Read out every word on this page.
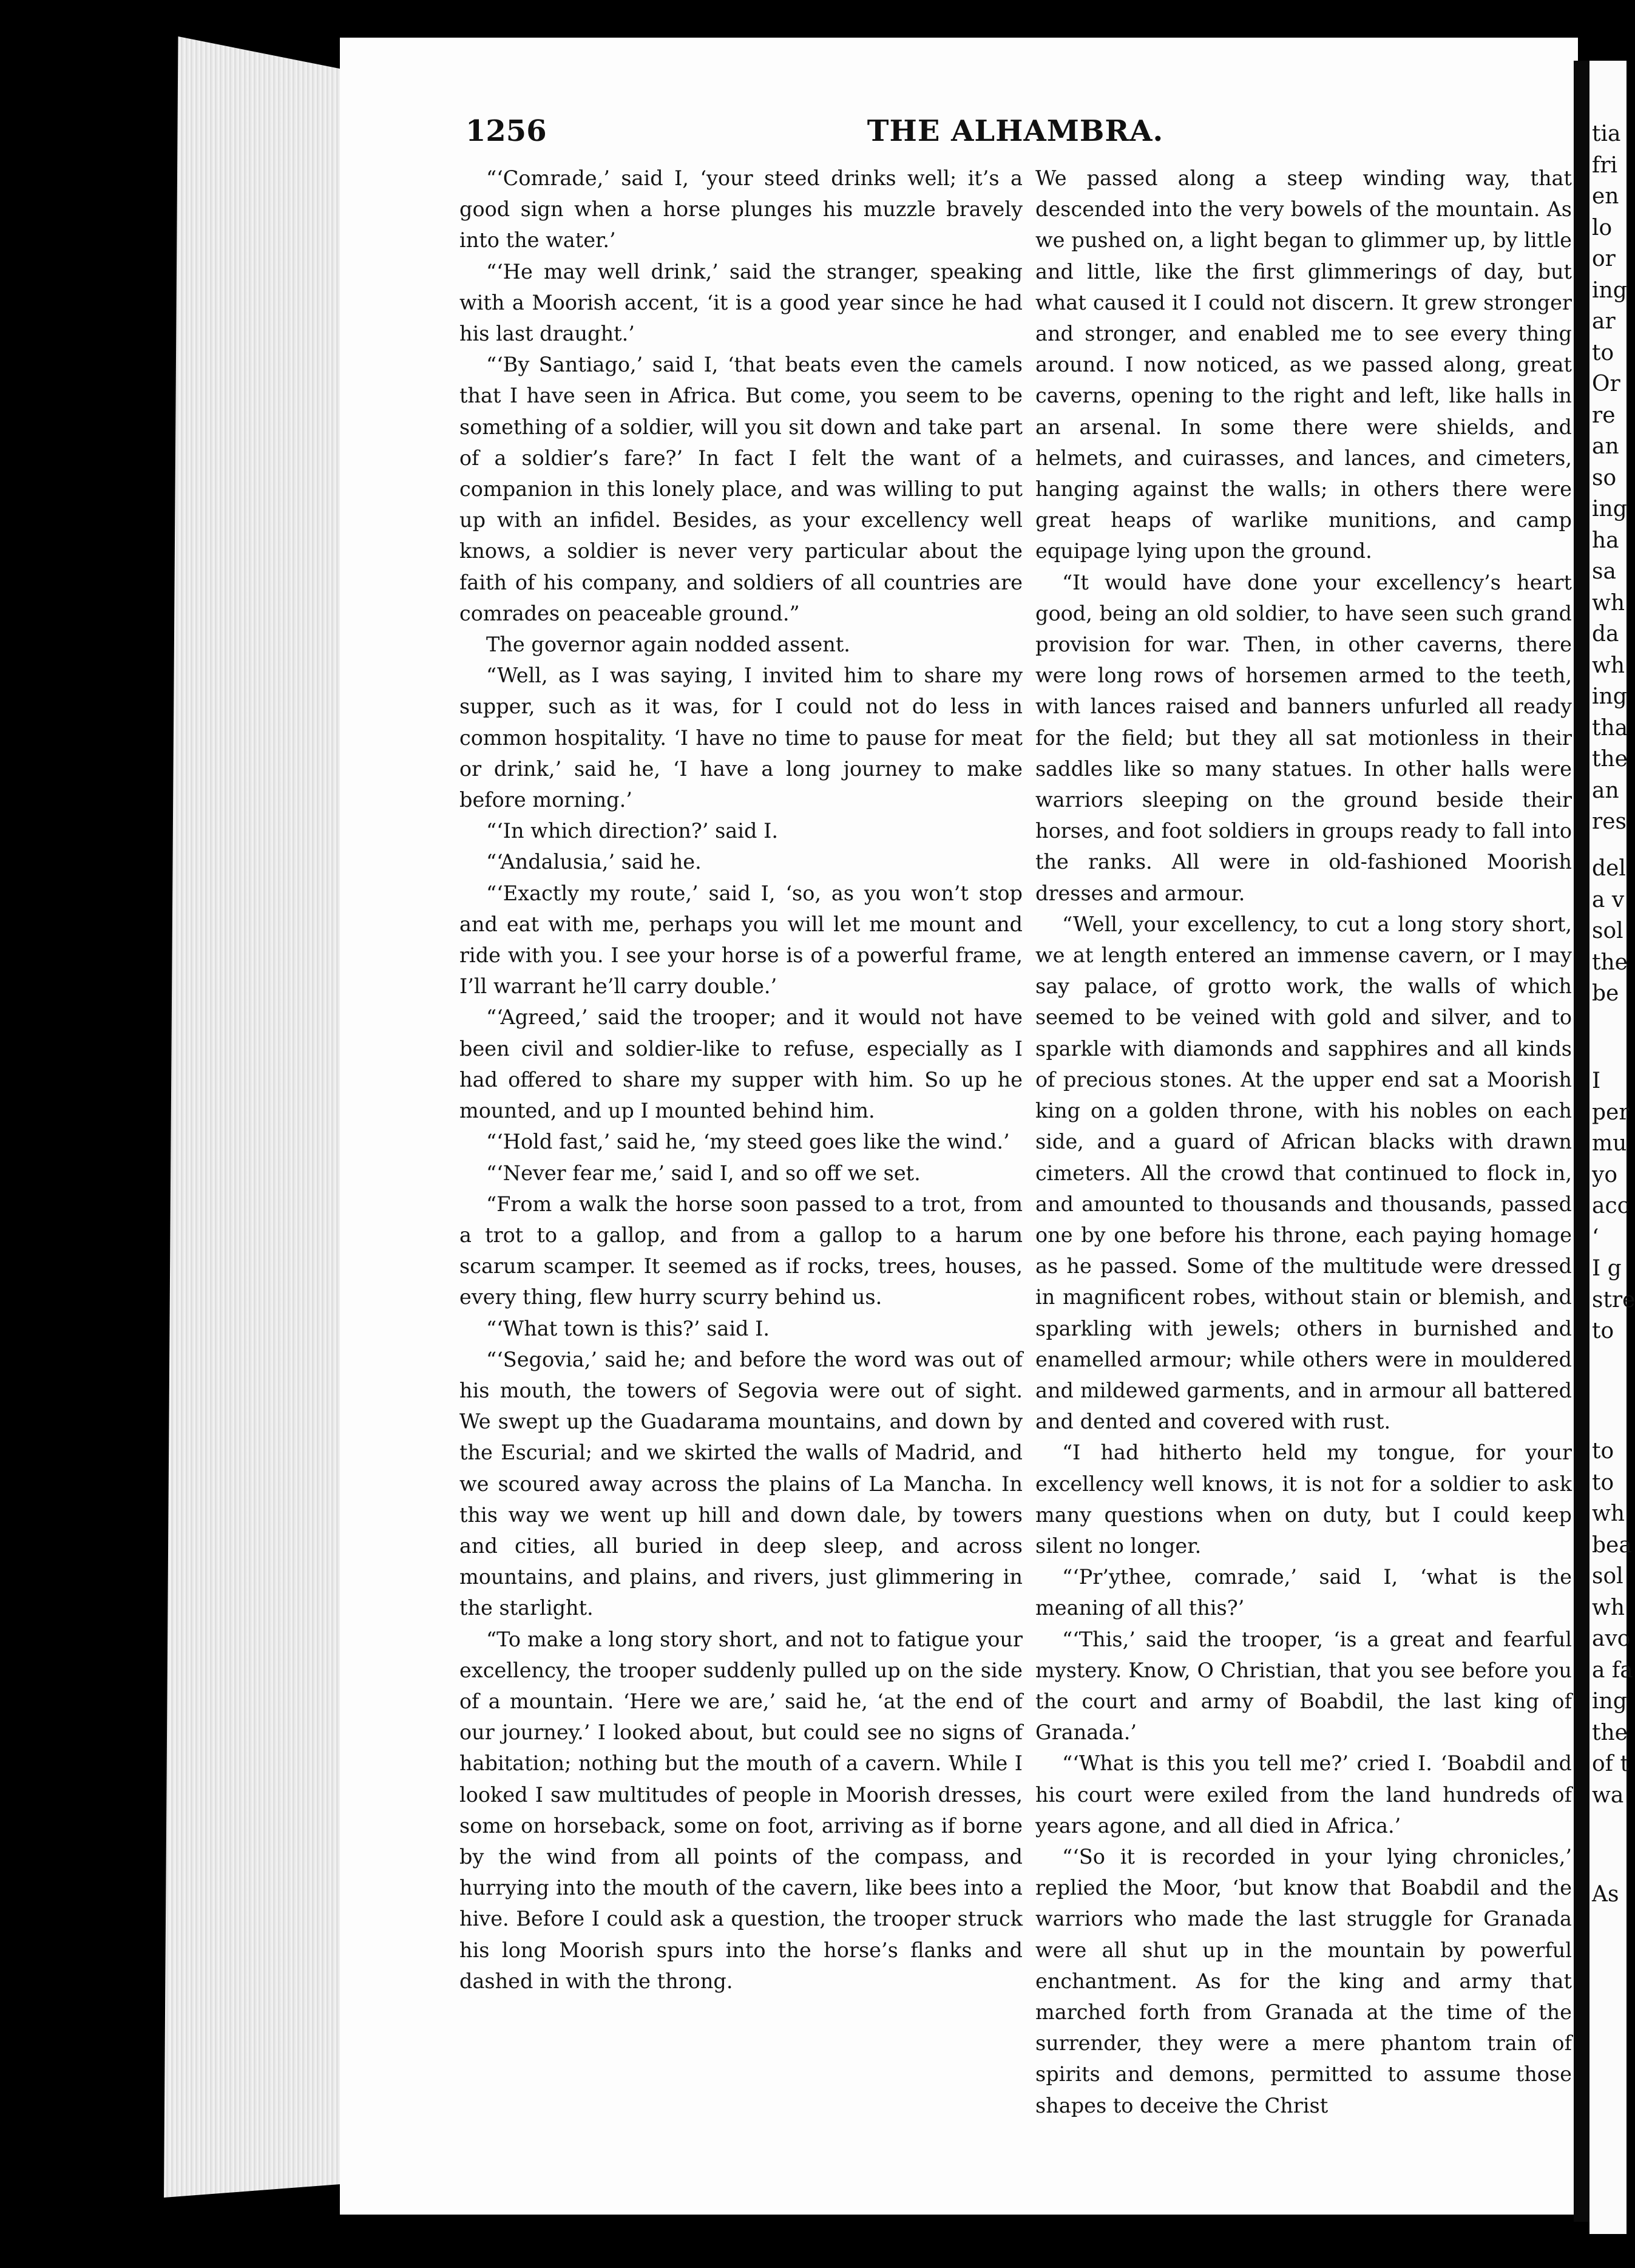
tia
fri
en
lo
or
ing
ar
to
Or
re
an
so
ing
ha
sa
wh
da
wh
ing
tha
the
an
res
del
a v
sol
the
be
I
per
mu
yo
acc
‘
I g
stre
to
to
to
wh
bea
sol
wh
avo
a fa
ing
the
of t
wa
As
1256	THE ALHAMBRA.

“‘Comrade,’ said I, ‘your steed drinks well; it’s a good sign when a horse plunges his muzzle bravely into the water.’

“‘He may well drink,’ said the stranger, speaking with a Moorish accent, ‘it is a good year since he had his last draught.’

“‘By Santiago,’ said I, ‘that beats even the camels that I have seen in Africa. But come, you seem to be something of a soldier, will you sit down and take part of a soldier’s fare?’ In fact I felt the want of a companion in this lonely place, and was willing to put up with an infidel. Besides, as your excellency well knows, a soldier is never very particular about the faith of his company, and soldiers of all countries are comrades on peaceable ground.”

The governor again nodded assent.

“Well, as I was saying, I invited him to share my supper, such as it was, for I could not do less in common hospitality. ‘I have no time to pause for meat or drink,’ said he, ‘I have a long journey to make before morning.’

“‘In which direction?’ said I.

“‘Andalusia,’ said he.

“‘Exactly my route,’ said I, ‘so, as you won’t stop and eat with me, perhaps you will let me mount and ride with you. I see your horse is of a powerful frame, I’ll warrant he’ll carry double.’

“‘Agreed,’ said the trooper; and it would not have been civil and soldier-like to refuse, especially as I had offered to share my supper with him. So up he mounted, and up I mounted behind him.

“‘Hold fast,’ said he, ‘my steed goes like the wind.’

“‘Never fear me,’ said I, and so off we set.

“From a walk the horse soon passed to a trot, from a trot to a gallop, and from a gallop to a harum scarum scamper. It seemed as if rocks, trees, houses, every thing, flew hurry scurry behind us.

“‘What town is this?’ said I.

“‘Segovia,’ said he; and before the word was out of his mouth, the towers of Segovia were out of sight. We swept up the Guadarama mountains, and down by the Escurial; and we skirted the walls of Madrid, and we scoured away across the plains of La Mancha. In this way we went up hill and down dale, by towers and cities, all buried in deep sleep, and across mountains, and plains, and rivers, just glimmering in the starlight.

“To make a long story short, and not to fatigue your excellency, the trooper suddenly pulled up on the side of a mountain. ‘Here we are,’ said he, ‘at the end of our journey.’ I looked about, but could see no signs of habitation; nothing but the mouth of a cavern. While I looked I saw multitudes of people in Moorish dresses, some on horseback, some on foot, arriving as if borne by the wind from all points of the compass, and hurrying into the mouth of the cavern, like bees into a hive. Before I could ask a question, the trooper struck his long Moorish spurs into the horse’s flanks and dashed in with the throng.

We passed along a steep winding way, that descended into the very bowels of the mountain. As we pushed on, a light began to glimmer up, by little and little, like the first glimmerings of day, but what caused it I could not discern. It grew stronger and stronger, and enabled me to see every thing around. I now noticed, as we passed along, great caverns, opening to the right and left, like halls in an arsenal. In some there were shields, and helmets, and cuirasses, and lances, and cimeters, hanging against the walls; in others there were great heaps of warlike munitions, and camp equipage lying upon the ground.

“It would have done your excellency’s heart good, being an old soldier, to have seen such grand provision for war. Then, in other caverns, there were long rows of horsemen armed to the teeth, with lances raised and banners unfurled all ready for the field; but they all sat motionless in their saddles like so many statues. In other halls were warriors sleeping on the ground beside their horses, and foot soldiers in groups ready to fall into the ranks. All were in old-fashioned Moorish dresses and armour.

“Well, your excellency, to cut a long story short, we at length entered an immense cavern, or I may say palace, of grotto work, the walls of which seemed to be veined with gold and silver, and to sparkle with diamonds and sapphires and all kinds of precious stones. At the upper end sat a Moorish king on a golden throne, with his nobles on each side, and a guard of African blacks with drawn cimeters. All the crowd that continued to flock in, and amounted to thousands and thousands, passed one by one before his throne, each paying homage as he passed. Some of the multitude were dressed in magnificent robes, without stain or blemish, and sparkling with jewels; others in burnished and enamelled armour; while others were in mouldered and mildewed garments, and in armour all battered and dented and covered with rust.

“I had hitherto held my tongue, for your excellency well knows, it is not for a soldier to ask many questions when on duty, but I could keep silent no longer.

“‘Pr’ythee, comrade,’ said I, ‘what is the meaning of all this?’

“‘This,’ said the trooper, ‘is a great and fearful mystery. Know, O Christian, that you see before you the court and army of Boabdil, the last king of Granada.’

“‘What is this you tell me?’ cried I. ‘Boabdil and his court were exiled from the land hundreds of years agone, and all died in Africa.’

“‘So it is recorded in your lying chronicles,’ replied the Moor, ‘but know that Boabdil and the warriors who made the last struggle for Granada were all shut up in the mountain by powerful enchantment. As for the king and army that marched forth from Granada at the time of the surrender, they were a mere phantom train of spirits and demons, permitted to assume those shapes to deceive the Christ
